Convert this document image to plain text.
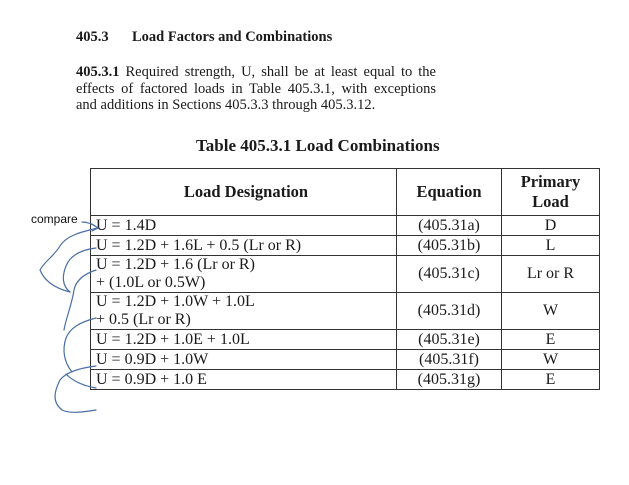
405.3 Load Factors and Combinations
405.3.1 Required strength, U, shall be at least equal to the effects of factored loads in Table 405.3.1, with exceptions and additions in Sections 405.3.3 through 405.3.12.
Table 405.3.1 Load Combinations
compare
Load Designation	Equation	Primary Load
U = 1.4D	(405.31a)	D
U = 1.2D + 1.6L + 0.5 (Lr or R)	(405.31b)	L

U = 1.2D + 1.6 (Lr or R)
+ (1.0L or 0.5W)	(405.31c)	Lr or R

U = 1.2D + 1.0W + 1.0L
+ 0.5 (Lr or R)	(405.31d)	W
U = 1.2D + 1.0E + 1.0L	(405.31e)	E
U = 0.9D + 1.0W	(405.31f)	W
U = 0.9D + 1.0 E	(405.31g)	E
